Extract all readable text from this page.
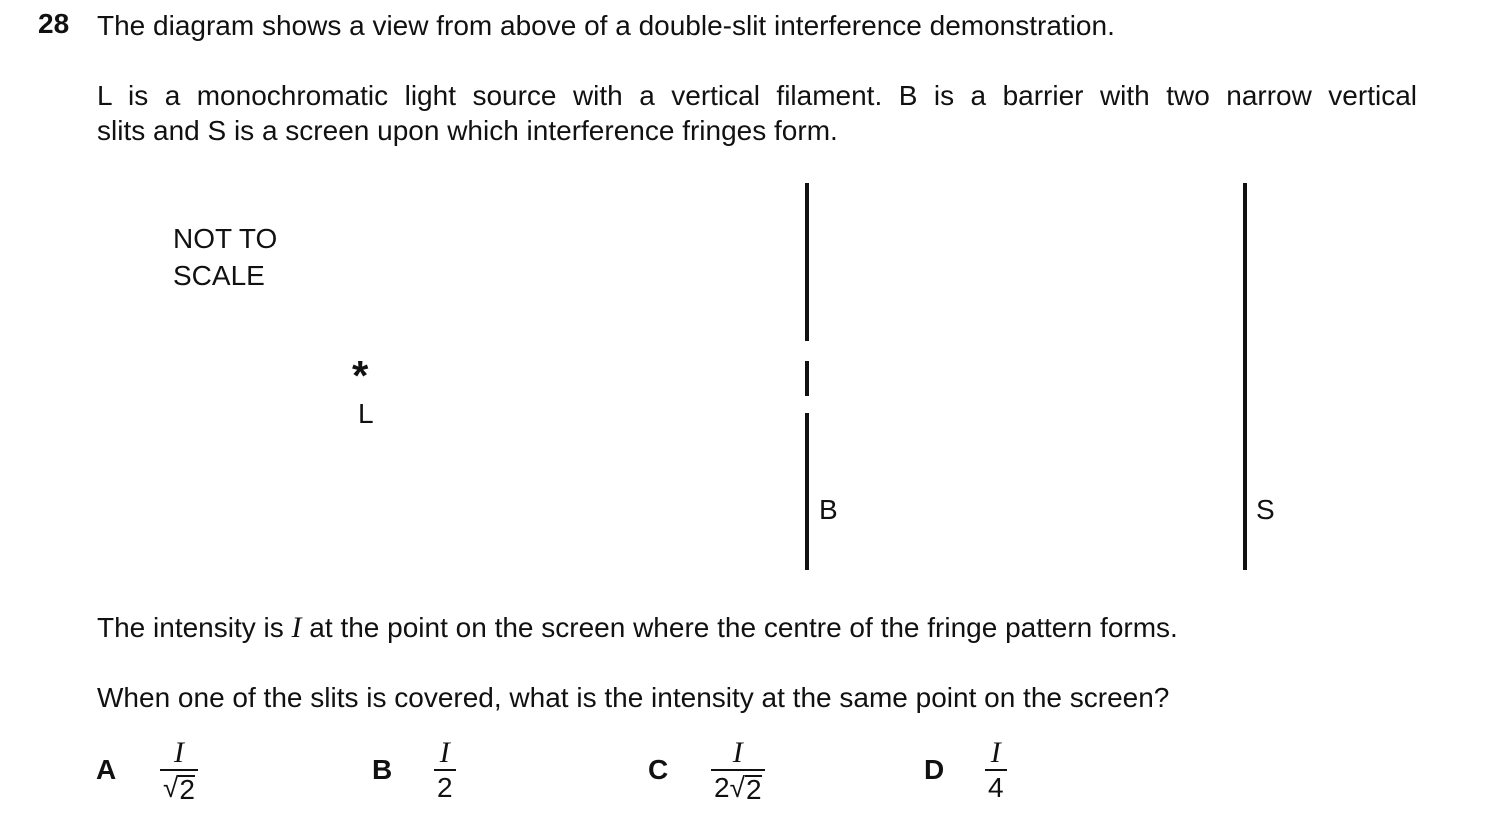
28 The diagram shows a view from above of a double-slit interference demonstration.
L is a monochromatic light source with a vertical filament. B is a barrier with two narrow vertical
slits and S is a screen upon which interference fringes form.
NOT TO
SCALE
*
L
B	S
The intensity is I at the point on the screen where the centre of the fringe pattern forms.
When one of the slits is covered, what is the intensity at the same point on the screen?
A $\frac{I}{√ 2}$	B $\frac{I}{2}$	C $\frac{I}{2 √ 2}$	D $\frac{I}{4}$
